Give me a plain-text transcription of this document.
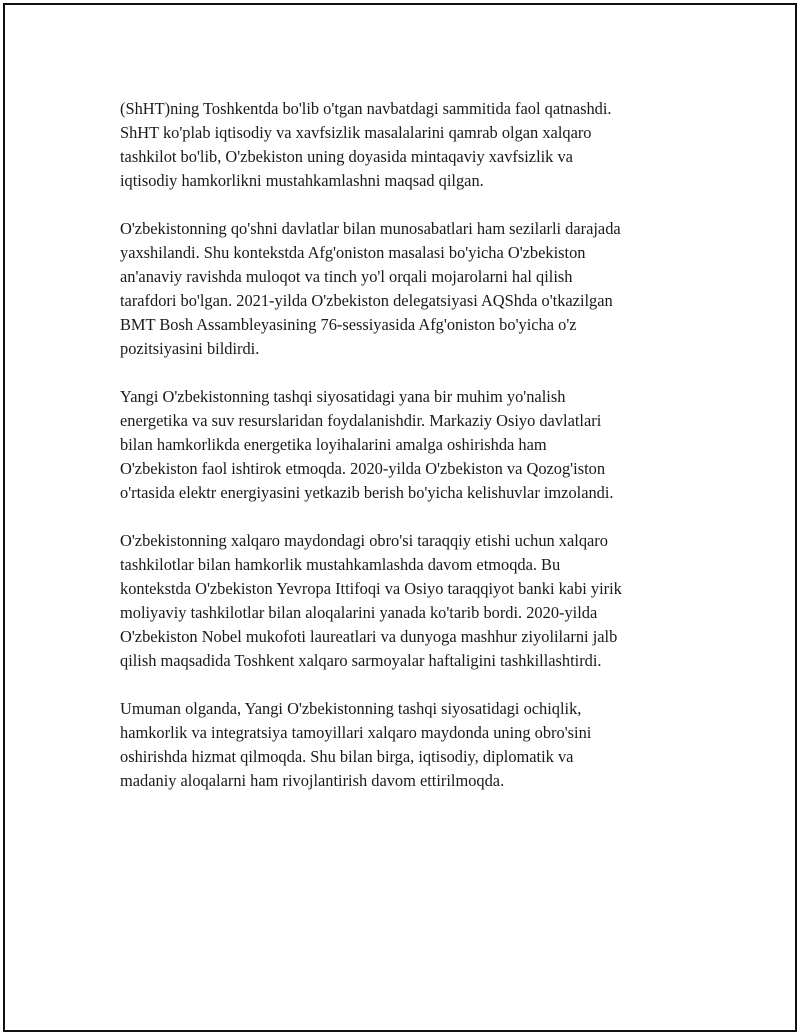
(ShHT)ning Toshkentda bo'lib o'tgan navbatdagi sammitida faol qatnashdi.
ShHT ko'plab iqtisodiy va xavfsizlik masalalarini qamrab olgan xalqaro
tashkilot bo'lib, O'zbekiston uning doyasida mintaqaviy xavfsizlik va
iqtisodiy hamkorlikni mustahkamlashni maqsad qilgan.

O'zbekistonning qo'shni davlatlar bilan munosabatlari ham sezilarli darajada
yaxshilandi. Shu kontekstda Afg'oniston masalasi bo'yicha O'zbekiston
an'anaviy ravishda muloqot va tinch yo'l orqali mojarolarni hal qilish
tarafdori bo'lgan. 2021-yilda O'zbekiston delegatsiyasi AQShda o'tkazilgan
BMT Bosh Assambleyasining 76-sessiyasida Afg'oniston bo'yicha o'z
pozitsiyasini bildirdi.

Yangi O'zbekistonning tashqi siyosatidagi yana bir muhim yo'nalish
energetika va suv resurslaridan foydalanishdir. Markaziy Osiyo davlatlari
bilan hamkorlikda energetika loyihalarini amalga oshirishda ham
O'zbekiston faol ishtirok etmoqda. 2020-yilda O'zbekiston va Qozog'iston
o'rtasida elektr energiyasini yetkazib berish bo'yicha kelishuvlar imzolandi.

O'zbekistonning xalqaro maydondagi obro'si taraqqiy etishi uchun xalqaro
tashkilotlar bilan hamkorlik mustahkamlashda davom etmoqda. Bu
kontekstda O'zbekiston Yevropa Ittifoqi va Osiyo taraqqiyot banki kabi yirik
moliyaviy tashkilotlar bilan aloqalarini yanada ko'tarib bordi. 2020-yilda
O'zbekiston Nobel mukofoti laureatlari va dunyoga mashhur ziyolilarni jalb
qilish maqsadida Toshkent xalqaro sarmoyalar haftaligini tashkillashtirdi.

Umuman olganda, Yangi O'zbekistonning tashqi siyosatidagi ochiqlik,
hamkorlik va integratsiya tamoyillari xalqaro maydonda uning obro'sini
oshirishda hizmat qilmoqda. Shu bilan birga, iqtisodiy, diplomatik va
madaniy aloqalarni ham rivojlantirish davom ettirilmoqda.
